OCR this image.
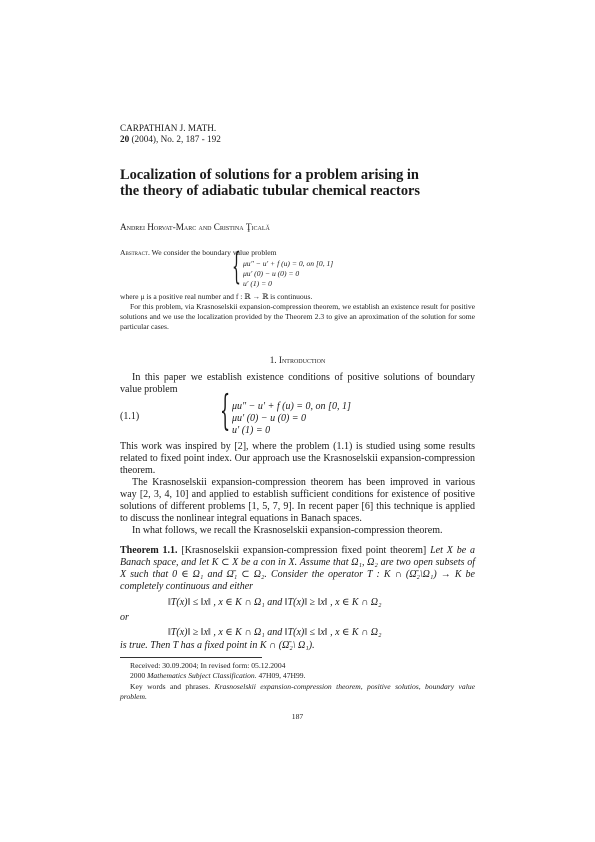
CARPATHIAN J. MATH.
20 (2004), No. 2, 187 - 192
Localization of solutions for a problem arising in
the theory of adiabatic tubular chemical reactors
Andrei Horvat-Marc and Cristina Ţicală
Abstract. We consider the boundary value problem
{ μu″ − u′ + f (u) = 0, on [0, 1]
μu′ (0) − u (0) = 0
u′ (1) = 0
where μ is a positive real number and f : ℝ → ℝ is continuous.
For this problem, via Krasnoselskii expansion-compression theorem, we establish an existence result for positive solutions and we use the localization provided by the Theorem 2.3 to give an aproximation of the solution for some particular cases.
1. Introduction
In this paper we establish existence conditions of positive solutions of boundary value problem
(1.1)	{ μu″ − u′ + f (u) = 0, on [0, 1]
μu′ (0) − u (0) = 0
u′ (1) = 0
This work was inspired by [2], where the problem (1.1) is studied using some results related to fixed point index. Our approach use the Krasnoselskii expansion-compression theorem.
The Krasnoselskii expansion-compression theorem has been improved in various way [2, 3, 4, 10] and applied to establish sufficient conditions for existence of positive solutions of different problems [1, 5, 7, 9]. In recent paper [6] this technique is applied to discuss the nonlinear integral equations in Banach spaces.
In what follows, we recall the Krasnoselskii expansion-compression theorem.
Theorem 1.1. [Krasnoselskii expansion-compression fixed point theorem] Let X be a Banach space, and let K ⊂ X be a con in X. Assume that Ω₁, Ω₂ are two open subsets of X such that 0 ∈ Ω₁ and Ω̄₁ ⊂ Ω₂. Consider the operator T : K ∩ (Ω̄₂\Ω₁) → K be completely continuous and either
‖T(x)‖ ≤ ‖x‖ , x ∈ K ∩ Ω₁ and ‖T(x)‖ ≥ ‖x‖ , x ∈ K ∩ Ω₂
or
‖T(x)‖ ≥ ‖x‖ , x ∈ K ∩ Ω₁ and ‖T(x)‖ ≤ ‖x‖ , x ∈ K ∩ Ω₂
is true. Then T has a fixed point in K ∩ (Ω̄₂\ Ω₁).
Received: 30.09.2004; In revised form: 05.12.2004
2000 Mathematics Subject Classification. 47H09, 47H99.
Key words and phrases. Krasnoselskii expansion-compression theorem, positive solutios, boundary value problem.
187
